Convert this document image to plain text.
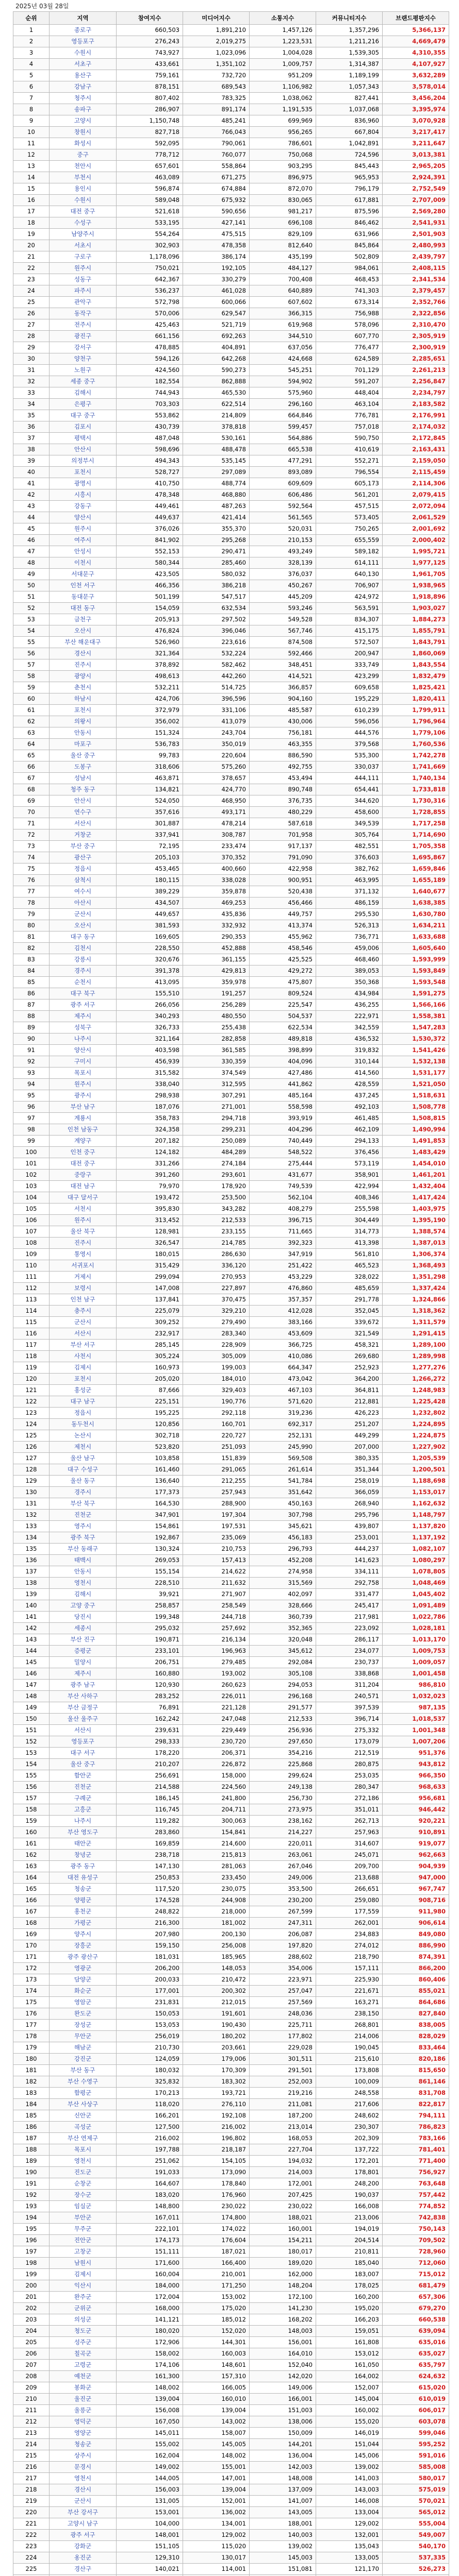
2025년 03월 28일
순위	지역	참여지수	미디어지수	소통지수	커뮤니티지수	브랜드평판지수
1	종로구	660,503	1,891,210	1,457,126	1,357,296	5,366,137
2	영등포구	276,243	2,019,275	1,223,531	1,211,216	4,669,479
3	수원시	743,927	1,023,096	1,004,028	1,539,305	4,310,355
4	서초구	433,661	1,351,102	1,009,757	1,314,387	4,107,927
5	용산구	759,161	732,720	951,209	1,189,199	3,632,289
6	강남구	878,151	689,543	1,106,982	1,057,343	3,578,014
7	청주시	807,402	783,325	1,038,062	827,441	3,456,204
8	송파구	286,907	891,174	1,191,535	1,037,068	3,395,974
9	고양시	1,150,748	485,241	699,969	836,960	3,070,928
10	창원시	827,718	766,043	956,265	667,804	3,217,417
11	화성시	592,095	790,061	786,601	1,042,891	3,211,647
12	중구	778,712	760,077	750,068	724,596	3,013,381
13	천안시	657,601	558,864	903,295	845,443	2,965,205
14	부천시	463,089	671,275	896,975	965,953	2,924,391
15	용인시	596,874	674,884	872,070	796,179	2,752,549
16	수원시	589,048	675,932	830,065	617,881	2,707,009
17	대전 중구	521,618	590,656	981,217	875,596	2,569,280
18	수성구	533,195	427,141	696,108	846,462	2,541,931
19	남양주시	554,264	475,515	829,109	631,966	2,501,903
20	서초시	302,903	478,358	812,640	845,864	2,480,993
21	구로구	1,178,096	386,174	435,199	502,809	2,439,797
22	원주시	750,021	192,105	484,127	984,061	2,408,115
23	성동구	642,367	330,279	700,408	468,453	2,341,534
24	파주시	536,237	461,028	640,889	741,303	2,379,457
25	관악구	572,798	600,066	607,602	673,314	2,352,766
26	동작구	570,006	629,547	366,315	756,988	2,322,856
27	전주시	425,463	521,719	619,968	578,096	2,310,470
28	광진구	661,156	692,263	344,510	607,770	2,305,919
29	강서구	478,885	404,891	637,056	776,477	2,300,919
30	양천구	594,126	642,268	424,668	624,589	2,285,651
31	노원구	424,560	590,273	545,251	701,129	2,261,213
32	세종 중구	182,554	862,888	594,902	591,207	2,256,847
33	김해시	744,943	465,530	575,960	448,404	2,234,797
34	은평구	703,303	622,514	296,160	463,104	2,183,582
35	대구 중구	553,862	214,809	664,846	776,781	2,176,991
36	김포시	430,739	378,818	599,457	757,018	2,174,032
37	평택시	487,048	530,161	564,886	590,750	2,172,845
38	안산시	598,696	488,478	665,538	410,619	2,163,431
39	의정부시	494,343	535,145	477,291	552,271	2,159,050
40	포천시	528,727	297,089	893,089	796,554	2,115,459
41	광명시	410,750	488,774	609,609	605,173	2,114,306
42	시흥시	478,348	468,880	606,486	561,201	2,079,415
43	강동구	449,461	487,263	592,564	457,515	2,072,094
44	양산시	449,637	421,414	561,565	573,405	2,061,529
45	원주시	376,026	355,370	520,031	750,265	2,001,692
46	여주시	841,902	295,268	210,153	655,559	2,000,402
47	안성시	552,153	290,471	493,249	589,182	1,995,721
48	이천시	580,344	285,460	328,139	614,111	1,977,125
49	서대문구	423,505	580,032	376,037	640,130	1,961,705
50	인천 서구	466,356	386,218	450,267	706,907	1,938,965
51	동대문구	501,199	547,517	445,209	424,972	1,918,896
52	대전 동구	154,059	632,534	593,246	563,591	1,903,027
53	금천구	205,913	297,502	549,528	834,307	1,884,273
54	오산시	476,824	396,046	567,746	415,175	1,855,791
55	부산 해운대구	526,960	223,616	874,508	572,507	1,843,791
56	경산시	321,364	532,224	592,466	200,947	1,860,069
57	진주시	378,892	582,462	348,451	333,749	1,843,554
58	광양시	498,613	442,260	414,521	423,299	1,832,479
59	춘천시	532,211	514,725	366,857	609,658	1,825,421
60	하남시	424,706	396,596	904,160	195,229	1,820,411
61	포천시	372,979	331,106	485,587	610,239	1,799,911
62	의왕시	356,002	413,079	430,006	596,056	1,796,964
63	안동시	151,324	243,704	756,181	444,576	1,779,106
64	마포구	536,783	350,019	463,355	379,568	1,760,536
65	울산 중구	99,783	220,604	886,590	535,300	1,742,278
66	도봉구	318,606	575,260	492,755	330,037	1,741,669
67	성남시	463,871	378,657	453,494	444,111	1,740,134
68	청주 동구	134,821	424,770	890,748	654,441	1,733,818
69	안산시	524,050	468,950	376,735	344,620	1,730,316
70	연수구	357,616	493,171	480,229	458,600	1,728,855
71	서산시	301,887	478,214	587,618	349,539	1,717,258
72	거창군	337,941	308,787	701,958	305,764	1,714,690
73	부산 중구	72,195	233,474	917,137	482,551	1,705,358
74	광산구	205,103	370,352	791,090	376,603	1,695,867
75	정읍시	453,465	400,660	422,958	382,762	1,659,846
76	삼척시	180,115	338,028	900,951	463,995	1,655,189
77	여수시	389,229	359,878	520,438	371,132	1,640,677
78	아산시	434,507	469,253	456,466	486,159	1,638,385
79	군산시	449,657	435,836	449,757	295,530	1,630,780
80	오산시	381,593	332,932	413,374	526,313	1,634,211
81	대구 동구	169,605	290,353	455,962	736,771	1,633,688
82	김천시	228,550	452,888	458,546	459,006	1,605,640
83	강릉시	320,676	361,155	425,525	468,460	1,593,999
84	경주시	391,378	429,813	429,272	389,053	1,593,849
85	순천시	413,095	359,978	475,807	350,368	1,593,548
86	대구 북구	155,510	191,257	809,524	434,984	1,591,275
87	광주 서구	266,056	256,289	225,547	436,255	1,566,166
88	제주시	340,293	480,550	504,537	222,971	1,558,381
89	성북구	326,733	255,438	622,534	342,559	1,547,283
90	나주시	321,164	282,858	489,818	436,532	1,530,372
91	양산시	403,598	361,585	398,899	319,832	1,541,426
92	구미시	456,939	330,359	404,096	310,144	1,532,138
93	목포시	315,582	374,549	427,486	414,560	1,531,177
94	원주시	338,040	312,595	441,862	428,559	1,521,050
95	광주시	298,938	307,291	485,164	437,245	1,518,631
96	부산 남구	187,076	271,001	558,598	492,103	1,508,778
97	계룡시	358,783	294,718	393,919	461,485	1,508,815
98	인천 남동구	324,358	299,231	404,296	462,109	1,490,994
99	계양구	207,182	250,089	740,449	294,133	1,491,853
100	인천 중구	124,182	484,289	548,522	376,456	1,483,429
101	대전 중구	331,266	274,184	275,444	573,119	1,454,010
102	중랑구	391,260	293,601	431,677	358,901	1,461,201
103	대전 남구	79,970	178,920	749,539	422,994	1,432,404
104	대구 달서구	193,472	253,500	562,104	408,346	1,417,424
105	서천시	395,830	343,282	408,279	255,598	1,403,975
106	원주시	313,452	212,533	396,715	304,449	1,395,190
107	울산 북구	128,981	233,155	711,665	314,773	1,388,574
108	진주시	326,547	214,785	392,323	413,398	1,387,013
109	통영시	180,015	286,630	347,919	561,810	1,306,374
110	서귀포시	315,429	336,120	251,422	465,523	1,368,493
111	거제시	299,094	270,953	453,229	328,022	1,351,298
112	보령시	147,008	227,897	476,860	485,659	1,337,424
113	인천 남구	137,841	370,475	357,357	291,778	1,324,866
114	충주시	225,079	329,210	412,028	352,045	1,318,362
115	군산시	309,252	279,490	383,166	339,672	1,311,579
116	서산시	232,917	283,340	453,609	321,549	1,291,415
117	부산 서구	285,145	228,909	366,725	458,321	1,289,100
118	사천시	305,224	305,009	410,086	269,680	1,289,998
119	김제시	160,973	199,003	664,347	252,923	1,277,276
120	포천시	205,020	184,010	473,042	364,200	1,266,272
121	홍성군	87,666	329,403	467,103	364,811	1,248,983
122	대구 남구	225,151	190,776	571,620	212,881	1,225,428
123	정읍시	195,225	292,118	319,236	426,223	1,232,802
124	동두천시	120,856	160,701	692,317	251,207	1,224,895
125	논산시	302,718	220,727	252,131	449,299	1,224,875
126	제천시	523,820	251,093	245,990	207,000	1,227,902
127	울산 남구	103,858	151,839	569,508	380,335	1,205,539
128	대구 수성구	161,460	291,065	261,614	351,344	1,200,501
129	울산 동구	136,640	212,255	541,784	258,019	1,188,698
130	경주시	177,373	257,943	351,642	366,059	1,153,017
131	부산 북구	164,530	288,900	450,163	268,940	1,162,632
132	진천군	347,901	197,304	307,798	295,796	1,148,797
133	영주시	154,861	197,531	345,621	439,807	1,137,820
134	광주 북구	192,867	235,069	456,183	253,001	1,137,192
135	부산 동래구	130,324	210,753	296,793	444,237	1,082,107
136	태백시	269,053	157,413	452,208	141,623	1,080,297
137	안동시	155,154	214,622	274,958	334,111	1,078,805
138	영천시	228,510	211,632	315,569	292,758	1,048,469
139	김해시	39,921	271,907	402,097	331,477	1,045,402
140	고양 중구	258,857	258,549	328,666	245,417	1,091,489
141	당진시	199,348	244,718	360,739	217,981	1,022,786
142	세종시	295,032	257,692	352,365	223,092	1,028,181
143	부산 진구	190,871	216,134	320,048	286,117	1,013,170
144	증평군	233,101	196,963	345,612	234,077	1,009,753
145	밀양시	206,751	279,485	292,084	230,737	1,009,057
146	제주시	160,880	193,002	305,108	338,868	1,001,458
147	광주 남구	120,930	260,623	294,053	311,204	986,810
148	부산 사하구	283,252	226,011	296,168	240,571	1,032,023
149	부산 금정구	76,891	221,128	291,577	397,539	987,135
150	울산 울주구	162,242	247,048	212,533	396,714	1,018,537
151	서산시	239,631	229,449	256,936	275,332	1,001,348
152	영등포구	298,333	230,720	297,650	173,079	1,007,206
153	대구 서구	178,220	206,371	354,216	212,519	951,376
154	울산 중구	210,207	226,872	225,868	280,875	943,812
155	함안군	256,691	158,000	299,624	253,035	966,350
156	진천군	214,588	224,560	249,138	280,347	968,633
157	구례군	186,145	241,800	256,730	272,186	956,681
158	고흥군	116,745	204,711	273,975	351,011	946,442
159	나주시	119,282	300,063	238,162	262,713	920,221
160	부산 영도구	283,860	154,841	214,227	257,963	910,891
161	태안군	169,859	214,600	220,011	314,607	919,077
162	창녕군	238,718	215,813	263,061	245,071	962,663
163	광주 동구	147,130	281,063	267,046	209,700	904,939
164	대전 유성구	250,853	233,450	249,006	213,688	947,000
165	청송군	117,520	230,075	353,500	266,651	967,747
166	양평군	174,528	244,908	230,200	259,080	908,716
167	홍천군	248,822	218,000	267,599	177,559	911,980
168	가평군	216,300	181,002	247,311	262,001	906,614
169	양주시	207,980	200,130	206,087	234,883	849,080
170	장흥군	159,150	256,008	197,820	274,012	886,990
171	광주 광산구	181,031	185,965	288,602	218,790	874,391
172	영광군	206,200	148,053	354,006	157,111	866,200
173	담양군	200,033	210,472	223,971	225,930	860,406
174	화순군	177,001	200,302	257,047	221,671	855,021
175	영암군	231,831	212,015	257,569	163,271	864,686
176	완도군	150,053	191,601	248,036	238,150	827,840
177	장성군	153,053	190,430	225,711	268,801	838,005
178	무안군	256,019	180,202	177,802	214,006	828,029
179	해남군	210,730	203,661	229,028	190,045	833,464
180	강진군	124,059	179,006	301,511	215,610	820,186
181	부산 동구	180,032	170,309	291,501	173,808	815,650
182	부산 수영구	325,832	183,302	252,003	100,009	861,146
183	함평군	170,213	193,721	219,216	248,558	831,708
184	부산 사상구	118,020	276,110	211,081	217,606	822,817
185	신안군	166,201	192,108	187,200	248,602	794,111
186	곡성군	127,500	216,002	213,014	230,307	786,823
187	부산 연제구	216,002	196,802	168,053	202,309	783,166
188	목포시	197,788	218,187	227,704	137,722	781,401
189	영천시	251,062	154,105	194,032	172,201	771,400
190	진도군	191,033	173,090	214,003	178,801	756,927
191	순창군	164,607	178,840	172,001	248,200	763,648
192	장수군	183,020	176,960	207,425	190,037	757,442
193	임실군	148,800	230,022	230,022	166,008	774,852
194	부안군	167,011	174,800	188,021	213,006	742,838
195	무주군	222,101	174,022	160,001	194,019	750,143
196	진안군	174,173	176,604	154,211	204,514	709,502
197	고창군	151,111	187,021	180,017	210,811	728,960
198	남원시	171,600	166,400	189,020	185,040	712,060
199	김제시	160,004	210,001	162,000	183,007	715,012
200	익산시	184,000	171,250	148,204	178,025	681,479
201	완주군	172,004	153,002	172,100	160,200	657,306
202	군위군	168,000	175,020	141,230	195,020	679,270
203	의성군	141,121	185,012	168,202	166,203	660,538
204	청도군	180,020	152,020	148,003	159,051	639,094
205	성주군	172,906	144,301	156,001	161,808	635,016
206	칠곡군	158,002	160,003	164,010	153,012	635,027
207	고령군	174,106	148,601	152,040	161,050	635,797
208	예천군	161,300	157,310	142,020	164,002	624,632
209	봉화군	148,002	166,005	149,006	152,007	615,020
210	울진군	139,004	160,010	166,001	145,004	610,019
211	울릉군	156,008	139,004	151,003	160,002	606,017
212	영덕군	167,050	143,002	138,006	155,020	603,078
213	영양군	145,011	158,007	150,009	146,019	599,046
214	청송군	155,002	145,005	144,201	151,044	595,252
215	상주시	162,004	148,002	136,004	145,006	591,016
216	문경시	149,002	155,001	142,003	139,002	585,008
217	영천시	144,005	147,001	148,008	141,003	580,017
218	경산시	156,003	139,004	137,009	143,003	575,019
219	군산시	131,005	152,001	141,007	146,008	570,021
220	부산 강서구	153,001	136,002	143,005	133,004	565,012
221	고양시 남구	104,000	134,001	188,001	129,002	555,004
222	광주 서구	148,001	129,002	140,003	132,001	549,007
223	강화군	151,105	115,020	139,002	135,043	540,170
224	옹진군	129,310	130,017	145,003	133,005	537,335
225	경산구	140,021	114,001	151,081	121,170	526,273
